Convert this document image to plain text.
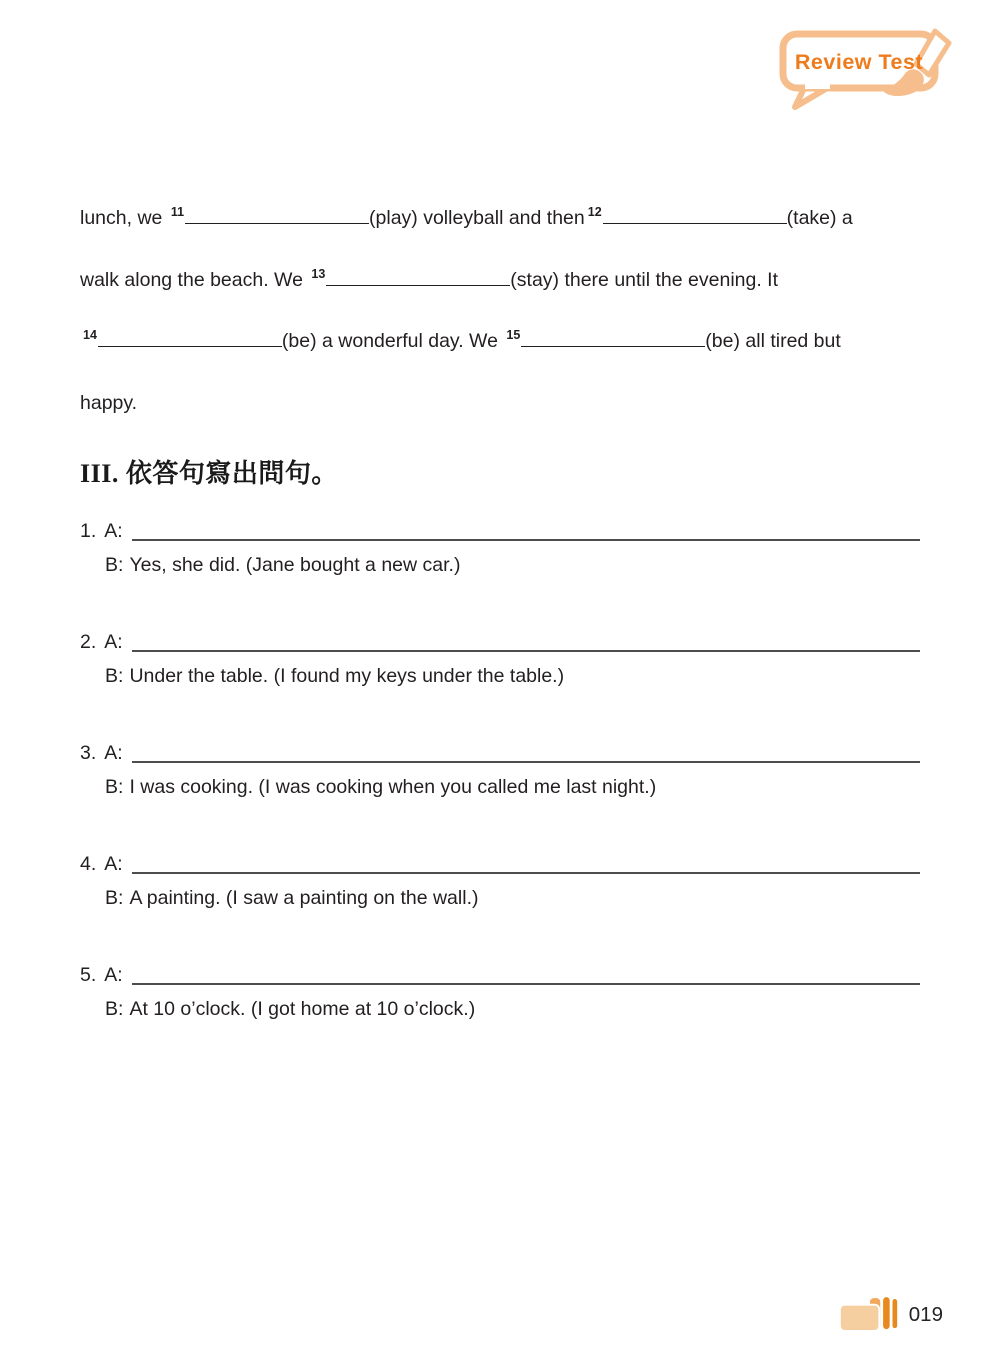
Review Test
lunch, we 11	(play) volleyball and then 12	(take) a
walk along the beach. We 13	(stay) there until the evening. It
14	(be) a wonderful day. We 15	(be) all tired but
happy.
III. 依答句寫出問句。
1. A:
B: Yes, she did. (Jane bought a new car.)
2. A:
B: Under the table. (I found my keys under the table.)
3. A:
B: I was cooking. (I was cooking when you called me last night.)
4. A:
B: A painting. (I saw a painting on the wall.)
5. A:
B: At 10 o’clock. (I got home at 10 o’clock.)
019
